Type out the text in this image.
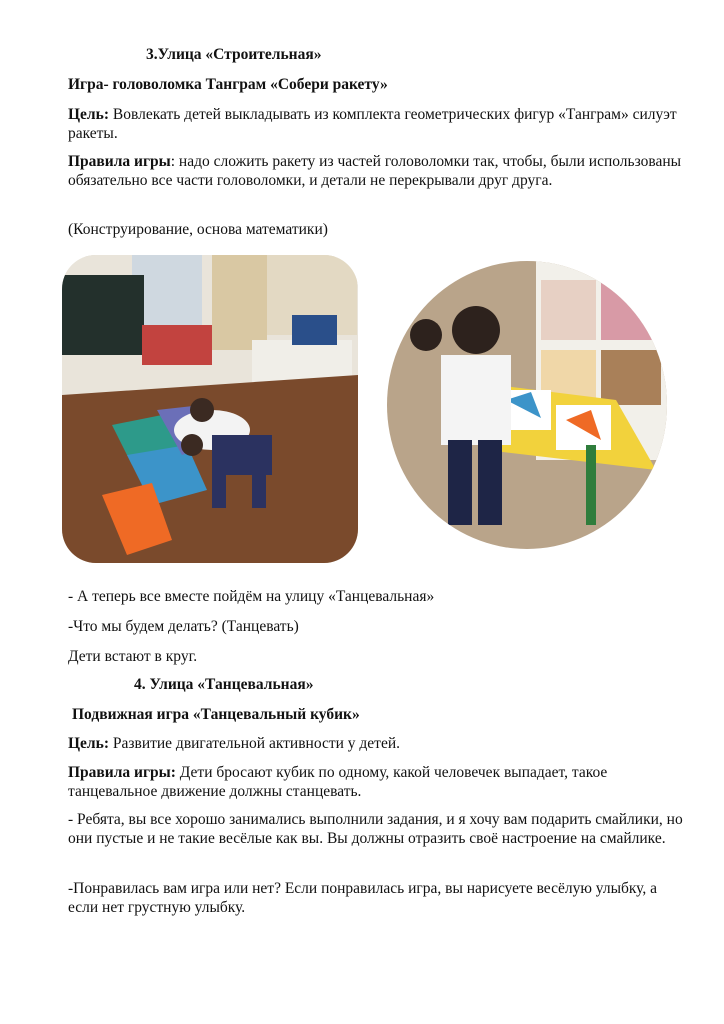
3.Улица «Строительная»
Игра- головоломка Танграм «Собери ракету»
Цель: Вовлекать детей выкладывать из комплекта геометрических фигур «Танграм» силуэт ракеты.
Правила игры: надо сложить ракету из частей головоломки так, чтобы, были использованы обязательно все части головоломки, и детали не перекрывали друг друга.
(Конструирование, основа математики)
- А теперь все вместе пойдём на улицу «Танцевальная»
-Что мы будем делать? (Танцевать)
Дети встают в круг.
4. Улица «Танцевальная»
Подвижная игра «Танцевальный кубик»
Цель: Развитие двигательной активности у детей.
Правила игры: Дети бросают кубик по одному, какой человечек выпадает, такое танцевальное движение должны станцевать.
- Ребята, вы все хорошо занимались выполнили задания, и я хочу вам подарить смайлики, но они пустые и не такие весёлые как вы. Вы должны отразить своё настроение на смайлике.
-Понравилась вам игра или нет? Если понравилась игра, вы нарисуете весёлую улыбку, а если нет грустную улыбку.
